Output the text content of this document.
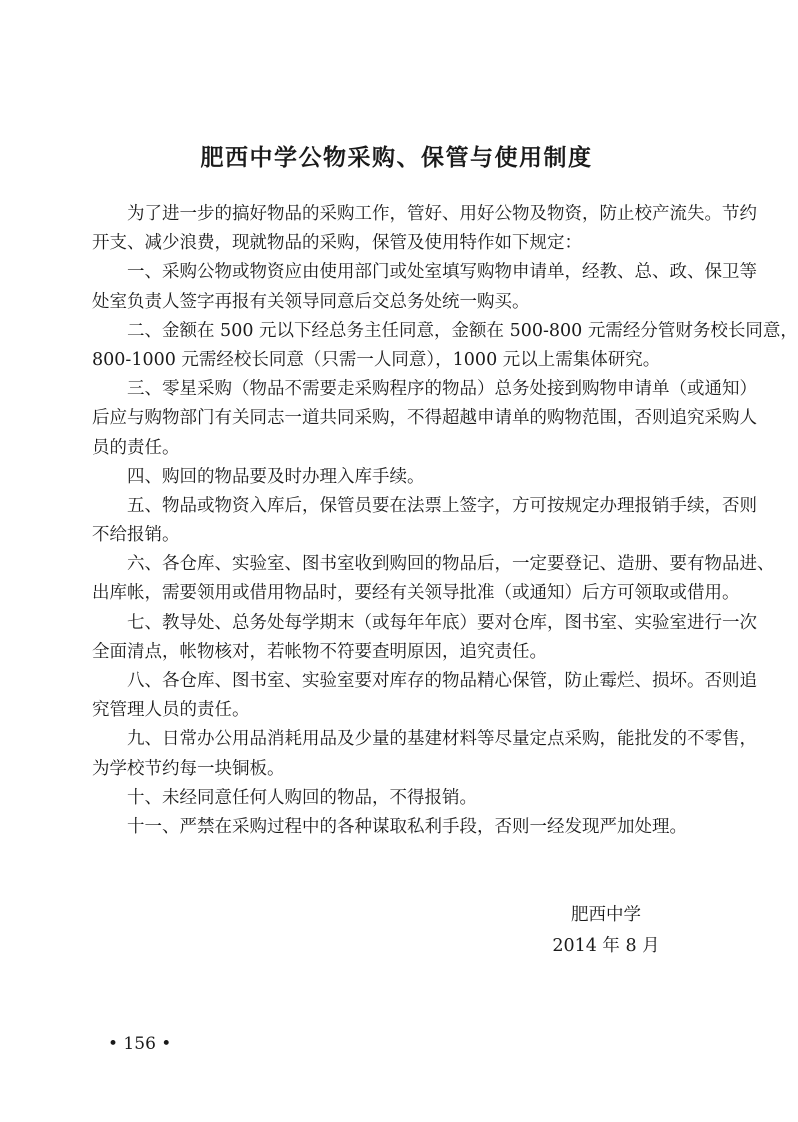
肥西中学公物采购、保管与使用制度
为了进一步的搞好物品的采购工作，管好、用好公物及物资，防止校产流失。节约
开支、减少浪费，现就物品的采购，保管及使用特作如下规定：
一、采购公物或物资应由使用部门或处室填写购物申请单，经教、总、政、保卫等
处室负责人签字再报有关领导同意后交总务处统一购买。
二、金额在 500 元以下经总务主任同意，金额在 500-800 元需经分管财务校长同意，
800-1000 元需经校长同意（只需一人同意），1000 元以上需集体研究。
三、零星采购（物品不需要走采购程序的物品）总务处接到购物申请单（或通知）
后应与购物部门有关同志一道共同采购，不得超越申请单的购物范围，否则追究采购人
员的责任。
四、购回的物品要及时办理入库手续。
五、物品或物资入库后，保管员要在法票上签字，方可按规定办理报销手续，否则
不给报销。
六、各仓库、实验室、图书室收到购回的物品后，一定要登记、造册、要有物品进、
出库帐，需要领用或借用物品时，要经有关领导批准（或通知）后方可领取或借用。
七、教导处、总务处每学期末（或每年年底）要对仓库，图书室、实验室进行一次
全面清点，帐物核对，若帐物不符要查明原因，追究责任。
八、各仓库、图书室、实验室要对库存的物品精心保管，防止霉烂、损坏。否则追
究管理人员的责任。
九、日常办公用品消耗用品及少量的基建材料等尽量定点采购，能批发的不零售，
为学校节约每一块铜板。
十、未经同意任何人购回的物品，不得报销。
十一、严禁在采购过程中的各种谋取私利手段，否则一经发现严加处理。
肥西中学
2014 年 8 月
• 156 •
